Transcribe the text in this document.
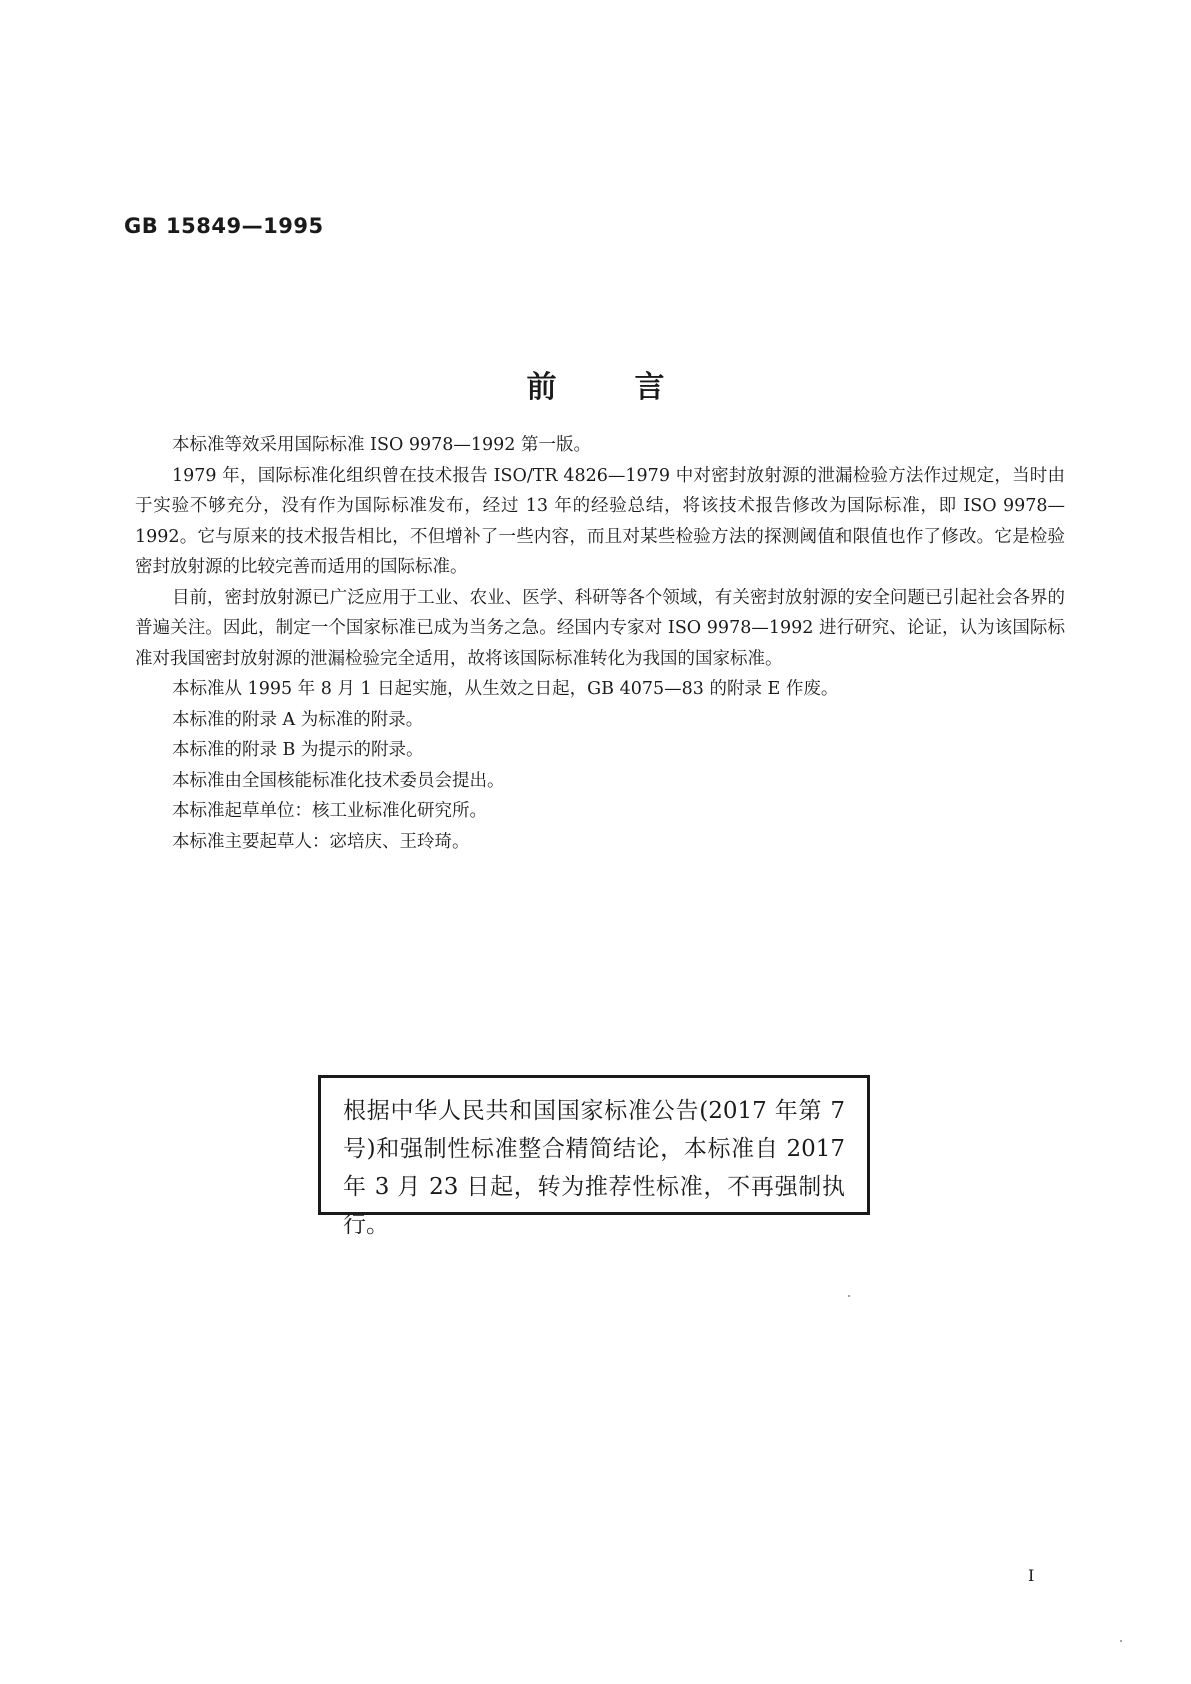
GB 15849—1995
前言

本标准等效采用国际标准 ISO 9978—1992 第一版。

1979 年，国际标准化组织曾在技术报告 ISO/TR 4826—1979 中对密封放射源的泄漏检验方法作过规定，当时由于实验不够充分，没有作为国际标准发布，经过 13 年的经验总结，将该技术报告修改为国际标准，即 ISO 9978—1992。它与原来的技术报告相比，不但增补了一些内容，而且对某些检验方法的探测阈值和限值也作了修改。它是检验密封放射源的比较完善而适用的国际标准。

目前，密封放射源已广泛应用于工业、农业、医学、科研等各个领域，有关密封放射源的安全问题已引起社会各界的普遍关注。因此，制定一个国家标准已成为当务之急。经国内专家对 ISO 9978—1992 进行研究、论证，认为该国际标准对我国密封放射源的泄漏检验完全适用，故将该国际标准转化为我国的国家标准。

本标准从 1995 年 8 月 1 日起实施，从生效之日起，GB 4075—83 的附录 E 作废。

本标准的附录 A 为标准的附录。

本标准的附录 B 为提示的附录。

本标准由全国核能标准化技术委员会提出。

本标准起草单位：核工业标准化研究所。

本标准主要起草人：宓培庆、王玲琦。

根据中华人民共和国国家标准公告(2017 年第 7 号)和强制性标准整合精简结论，本标准自 2017 年 3 月 23 日起，转为推荐性标准，不再强制执行。
I
